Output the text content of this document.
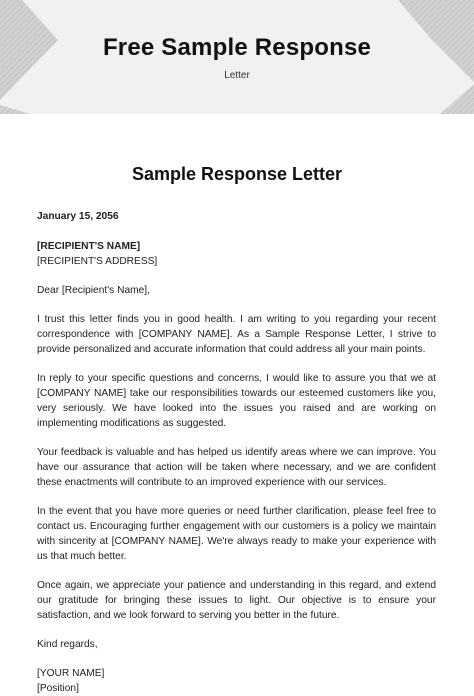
Free Sample Response
Letter
Sample Response Letter

January 15, 2056

[RECIPIENT'S NAME]

[RECIPIENT'S ADDRESS]

Dear [Recipient's Name],

I trust this letter finds you in good health. I am writing to you regarding your recent correspondence with [COMPANY NAME]. As a Sample Response Letter, I strive to provide personalized and accurate information that could address all your main points.

In reply to your specific questions and concerns, I would like to assure you that we at [COMPANY NAME] take our responsibilities towards our esteemed customers like you, very seriously. We have looked into the issues you raised and are working on implementing modifications as suggested.

Your feedback is valuable and has helped us identify areas where we can improve. You have our assurance that action will be taken where necessary, and we are confident these enactments will contribute to an improved experience with our services.

In the event that you have more queries or need further clarification, please feel free to contact us. Encouraging further engagement with our customers is a policy we maintain with sincerity at [COMPANY NAME]. We're always ready to make your experience with us that much better.

Once again, we appreciate your patience and understanding in this regard, and extend our gratitude for bringing these issues to light. Our objective is to ensure your satisfaction, and we look forward to serving you better in the future.

Kind regards,

[YOUR NAME]

[Position]
